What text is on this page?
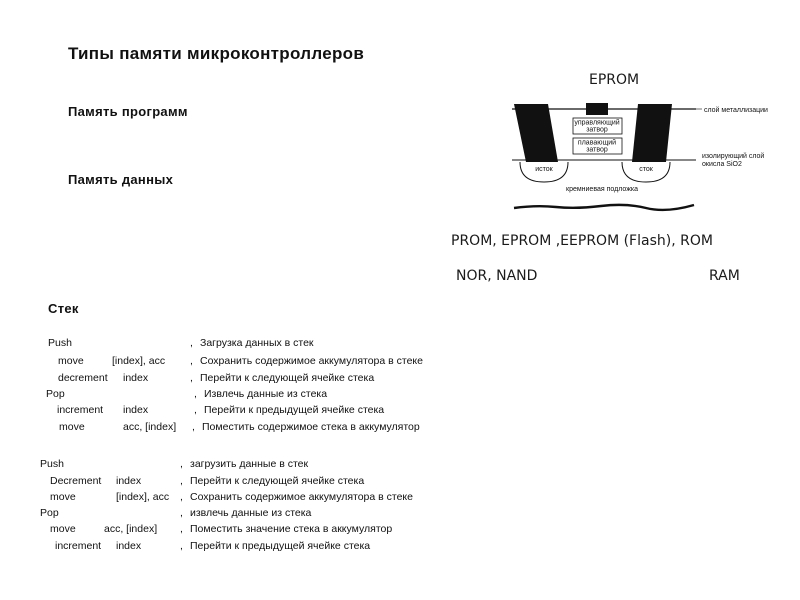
Типы памяти микроконтроллеров
Память программ
Память данных
Стек
EPROM
PROM, EPROM ,EEPROM (Flash), ROM
NOR, NAND	RAM
управляющий
затвор
плавающий
затвор
исток	сток
кремниевая подложка
слой металлизации
изолирующий слой
окисла SiO2
Push	, Загрузка данных в стек
move	[index], acc , Сохранить содержимое аккумулятора в стеке
decrement index	, Перейти к следующей ячейке стека
Pop	, Извлечь данные из стека
increment index	, Перейти к предыдущей ячейке стека
move	acc, [index] , Поместить содержимое стека в аккумулятор
Push	, загрузить данные в стек
Decrement index	, Перейти к следующей ячейке стека
move	[index], acc , Сохранить содержимое аккумулятора в стеке
Pop	, извлечь данные из стека
move	acc, [index] , Поместить значение стека в аккумулятор
increment index	, Перейти к предыдущей ячейке стека
